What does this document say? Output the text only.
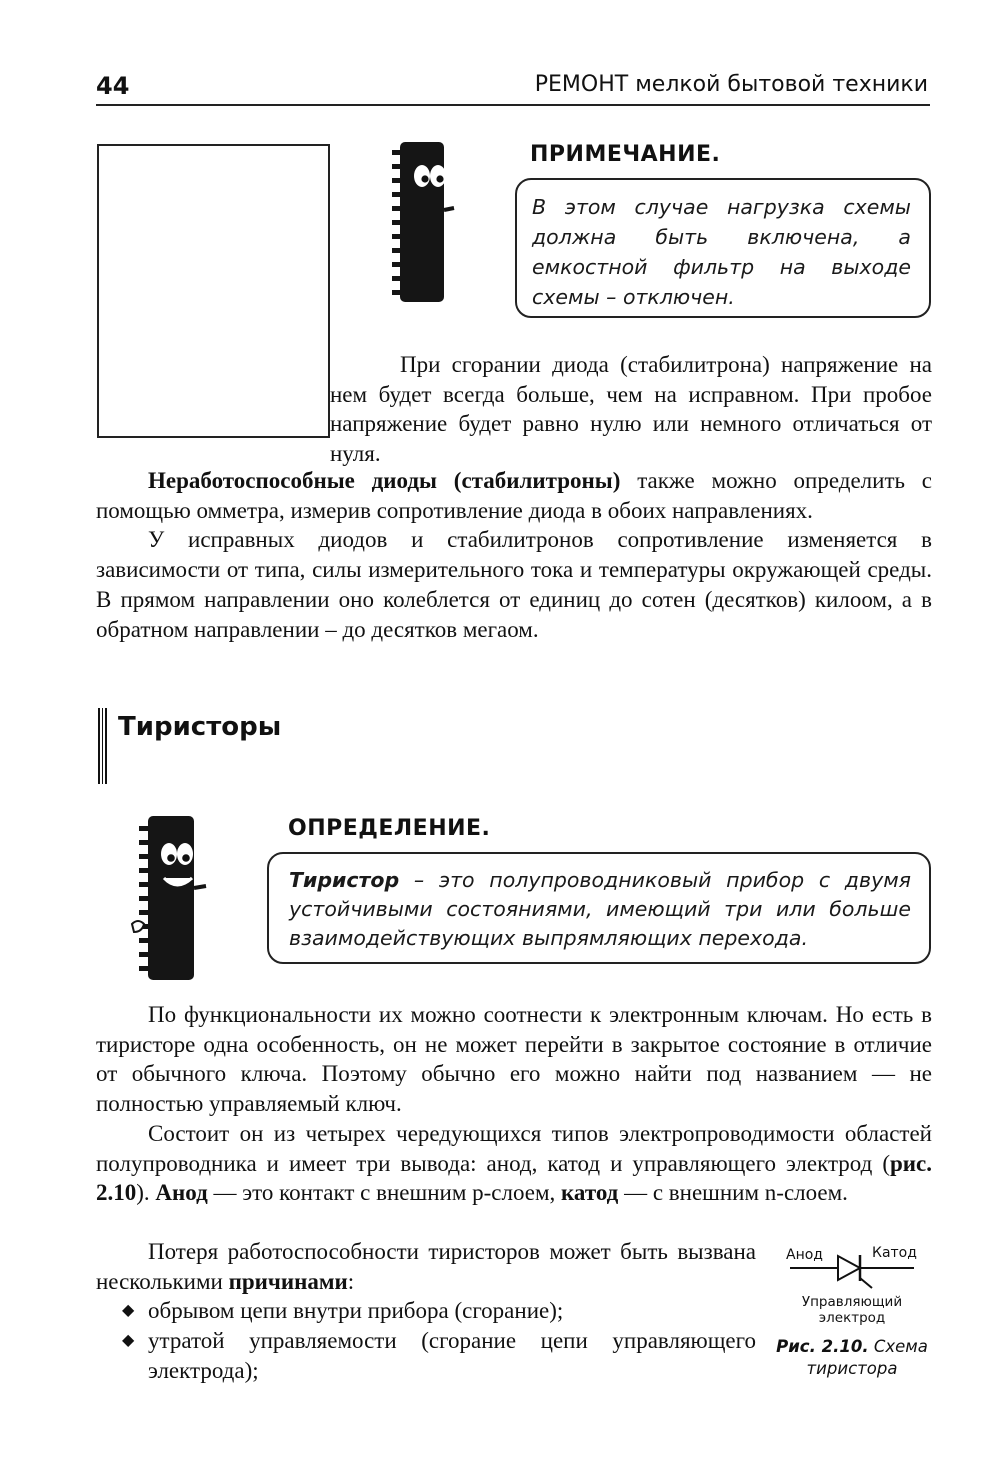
44	РЕМОНТ мелкой бытовой техники
ПРИМЕЧАНИЕ.
В этом случае нагрузка схемы должна быть включена, а емкостной фильтр на выходе схемы – отключен.
При сгорании диода (стабилитрона) напряжение на нем будет всегда больше, чем на исправном. При пробое напряжение будет равно нулю или немного отличаться от нуля.

Неработоспособные диоды (стабилитроны) также можно определить с помощью омметра, измерив сопротивление диода в обоих направлениях.

У исправных диодов и стабилитронов сопротивление изменяется в зависимости от типа, силы измерительного тока и температуры окружающей среды. В прямом направлении оно колеблется от единиц до сотен (десятков) килоом, а в обратном направлении – до десятков мегаом.

Тиристоры
ОПРЕДЕЛЕНИЕ.
Тиристор – это полупроводниковый прибор с двумя устойчивыми состояниями, имеющий три или больше взаимодействующих выпрямляющих перехода.

По функциональности их можно соотнести к электронным ключам. Но есть в тиристоре одна особенность, он не может перейти в закрытое состояние в отличие от обычного ключа. Поэтому обычно его можно найти под названием — не полностью управляемый ключ.

Состоит он из четырех чередующихся типов электропроводимости областей полупроводника и имеет три вывода: анод, катод и управляющего электрод (рис. 2.10). Анод — это контакт с внешним p-слоем, катод — с внешним n-слоем.

Потеря работоспособности тиристоров может быть вызвана несколькими причинами:

◆ обрывом цепи внутри прибора (сгорание);
◆ утратой управляемости (сгорание цепи управляющего электрода);
Анод	Катод
Управляющий
электрод
Рис. 2.10. Схема тиристора
